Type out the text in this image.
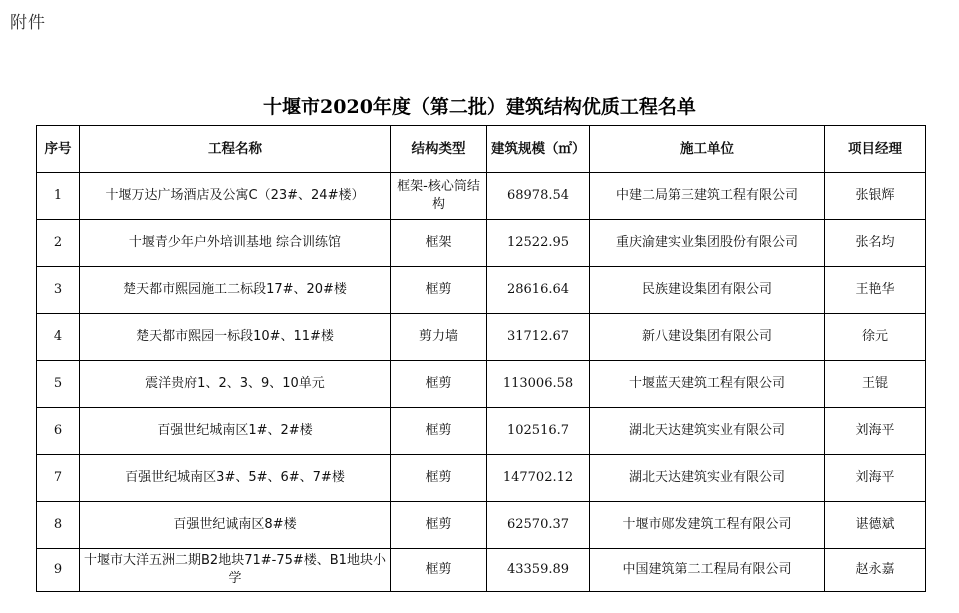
附件
十堰市2020年度（第二批）建筑结构优质工程名单
序号	工程名称	结构类型	建筑规模（㎡）	施工单位	项目经理
1	十堰万达广场酒店及公寓C（23#、24#楼）	框架-核心筒结构	68978.54	中建二局第三建筑工程有限公司	张银辉
2	十堰青少年户外培训基地 综合训练馆	框架	12522.95	重庆渝建实业集团股份有限公司	张名均
3	楚天都市熙园施工二标段17#、20#楼	框剪	28616.64	民族建设集团有限公司	王艳华
4	楚天都市熙园一标段10#、11#楼	剪力墙	31712.67	新八建设集团有限公司	徐元
5	震洋贵府1、2、3、9、10单元	框剪	113006.58	十堰蓝天建筑工程有限公司	王锟
6	百强世纪城南区1#、2#楼	框剪	102516.7	湖北天达建筑实业有限公司	刘海平
7	百强世纪城南区3#、5#、6#、7#楼	框剪	147702.12	湖北天达建筑实业有限公司	刘海平
8	百强世纪诚南区8#楼	框剪	62570.37	十堰市郧发建筑工程有限公司	谌德斌
9	十堰市大洋五洲二期B2地块71#-75#楼、B1地块小学	框剪	43359.89	中国建筑第二工程局有限公司	赵永嘉
